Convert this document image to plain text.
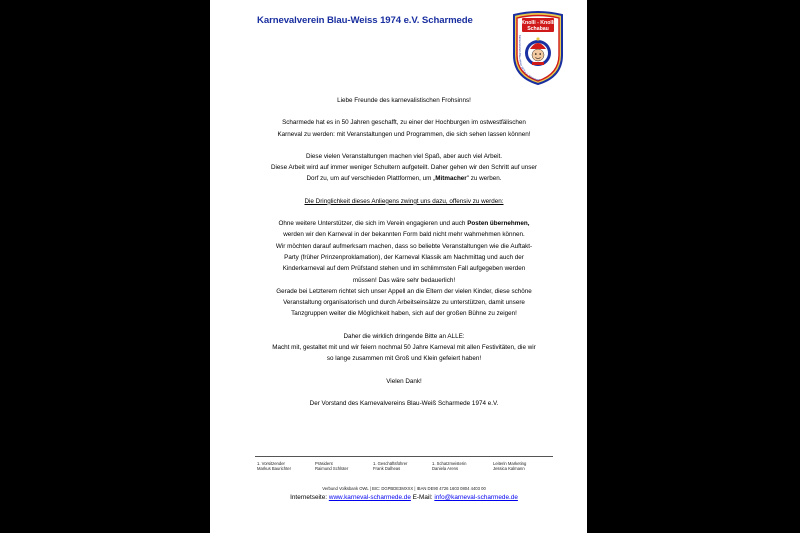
Karnevalverein Blau-Weiss 1974 e.V. Scharmede	Knolli - Knolli
Schabau
Karnevalverein Blau-Weiss 1974 e.V. Scharmede

Liebe Freunde des karnevalistischen Frohsinns!

Scharmede hat es in 50 Jahren geschafft, zu einer der Hochburgen im ostwestfälischen

Karneval zu werden: mit Veranstaltungen und Programmen, die sich sehen lassen können!

Diese vielen Veranstaltungen machen viel Spaß, aber auch viel Arbeit.

Diese Arbeit wird auf immer weniger Schultern aufgeteilt. Daher gehen wir den Schritt auf unser

Dorf zu, um auf verschieden Plattformen, um „Mitmacher" zu werben.

Die Dringlichkeit dieses Anliegens zwingt uns dazu, offensiv zu werden:

Ohne weitere Unterstützer, die sich im Verein engagieren und auch Posten übernehmen,

werden wir den Karneval in der bekannten Form bald nicht mehr wahrnehmen können.

Wir möchten darauf aufmerksam machen, dass so beliebte Veranstaltungen wie die Auftakt-

Party (früher Prinzenproklamation), der Karneval Klassik am Nachmittag und auch der

Kinderkarneval auf dem Prüfstand stehen und im schlimmsten Fall aufgegeben werden

müssen! Das wäre sehr bedauerlich!

Gerade bei Letzterem richtet sich unser Appell an die Eltern der vielen Kinder, diese schöne

Veranstaltung organisatorisch und durch Arbeitseinsätze zu unterstützen, damit unsere

Tanzgruppen weiter die Möglichkeit haben, sich auf der großen Bühne zu zeigen!

Daher die wirklich dringende Bitte an ALLE:

Macht mit, gestaltet mit und wir feiern nochmal 50 Jahre Karneval mit allen Festivitäten, die wir

so lange zusammen mit Groß und Klein gefeiert haben!

Vielen Dank!

Der Vorstand des Karnevalvereins Blau-Weiß Scharmede 1974 e.V.

1. Vorsitzender
Markus Baurichter
Präsident
Raimund Schlüter
1. Geschäftsführer
Frank Dalheas
1. Schatzmeisterin
Daniela Arens
Leiterin Marketing
Jessica Kalmann
Verbund Volksbank OWL | BIC: DGPBDE3MXXX | IBAN DE90 4726 1603 0804 4403 00
Internetseite: www.karneval-scharmede.de E-Mail: info@karneval-scharmede.de
